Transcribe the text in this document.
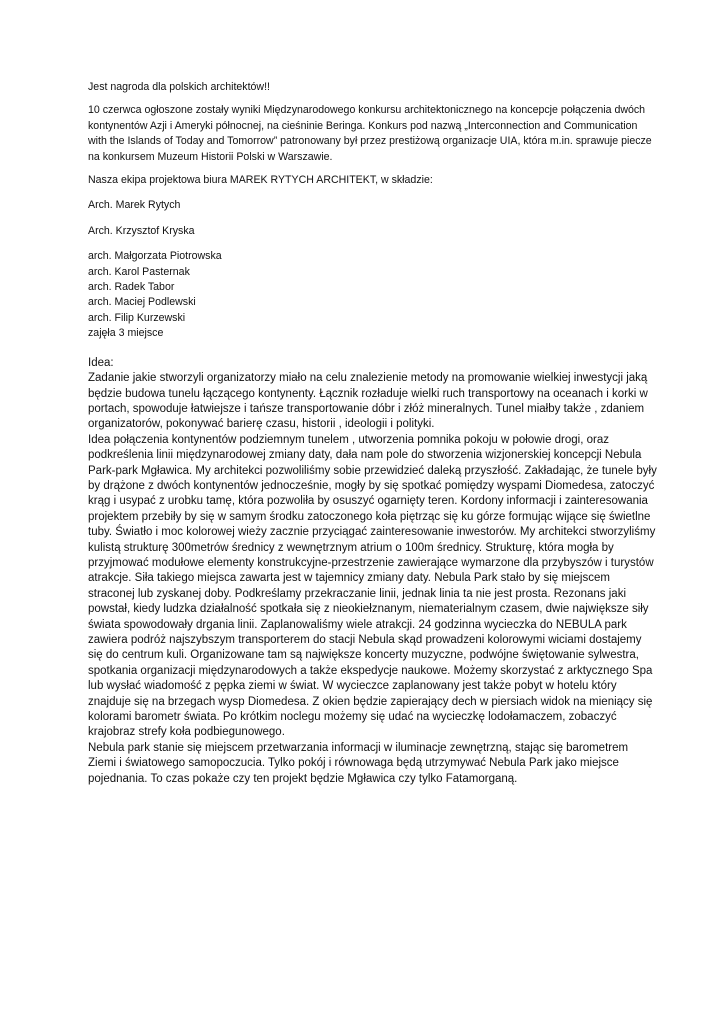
Jest nagroda dla polskich architektów!!

10 czerwca ogłoszone zostały wyniki Międzynarodowego konkursu architektonicznego na koncepcje połączenia dwóch kontynentów Azji i Ameryki północnej, na cieśninie Beringa. Konkurs pod nazwą „Interconnection and Communication with the Islands of Today and Tomorrow” patronowany był przez prestiżową organizacje UIA, która m.in. sprawuje piecze na konkursem Muzeum Historii Polski w Warszawie.

Nasza ekipa projektowa biura MAREK RYTYCH ARCHITEKT, w składzie:

Arch. Marek Rytych

Arch. Krzysztof Kryska

arch. Małgorzata Piotrowska
arch. Karol Pasternak
arch. Radek Tabor
arch. Maciej Podlewski
arch. Filip Kurzewski
zajęła 3 miejsce

Idea:

Zadanie jakie stworzyli organizatorzy miało na celu znalezienie metody na promowanie wielkiej inwestycji jaką będzie budowa tunelu łączącego kontynenty. Łącznik rozładuje wielki ruch transportowy na oceanach i korki w portach, spowoduje łatwiejsze i tańsze transportowanie dóbr i złóż mineralnych. Tunel miałby także , zdaniem organizatorów, pokonywać barierę czasu, historii , ideologii i polityki.

Idea połączenia kontynentów podziemnym tunelem , utworzenia pomnika pokoju w połowie drogi, oraz podkreślenia linii międzynarodowej zmiany daty, dała nam pole do stworzenia wizjonerskiej koncepcji Nebula Park-park Mgławica. My architekci pozwoliliśmy sobie przewidzieć daleką przyszłość. Zakładając, że tunele były by drążone z dwóch kontynentów jednocześnie, mogły by się spotkać pomiędzy wyspami Diomedesa, zatoczyć krąg i usypać z urobku tamę, która pozwoliła by osuszyć ogarnięty teren. Kordony informacji i zainteresowania projektem przebiły by się w samym środku zatoczonego koła piętrząc się ku górze formując wijące się świetlne tuby. Światło i moc kolorowej wieży zacznie przyciągać zainteresowanie inwestorów. My architekci stworzyliśmy kulistą strukturę 300metrów średnicy z wewnętrznym atrium o 100m średnicy. Strukturę, która mogła by przyjmować modułowe elementy konstrukcyjne-przestrzenie zawierające wymarzone dla przybyszów i turystów atrakcje. Siła takiego miejsca zawarta jest w tajemnicy zmiany daty. Nebula Park stało by się miejscem straconej lub zyskanej doby. Podkreślamy przekraczanie linii, jednak linia ta nie jest prosta. Rezonans jaki powstał, kiedy ludzka działalność spotkała się z nieokiełznanym, niematerialnym czasem, dwie największe siły świata spowodowały drgania linii. Zaplanowaliśmy wiele atrakcji. 24 godzinna wycieczka do NEBULA park zawiera podróż najszybszym transporterem do stacji Nebula skąd prowadzeni kolorowymi wiciami dostajemy się do centrum kuli. Organizowane tam są największe koncerty muzyczne, podwójne świętowanie sylwestra, spotkania organizacji międzynarodowych a także ekspedycje naukowe. Możemy skorzystać z arktycznego Spa lub wysłać wiadomość z pępka ziemi w świat. W wycieczce zaplanowany jest także pobyt w hotelu który znajduje się na brzegach wysp Diomedesa. Z okien będzie zapierający dech w piersiach widok na mieniący się kolorami barometr świata. Po krótkim noclegu możemy się udać na wycieczkę lodołamaczem, zobaczyć krajobraz strefy koła podbiegunowego.

Nebula park stanie się miejscem przetwarzania informacji w iluminacje zewnętrzną, stając się barometrem Ziemi i światowego samopoczucia. Tylko pokój i równowaga będą utrzymywać Nebula Park jako miejsce pojednania. To czas pokaże czy ten projekt będzie Mgławica czy tylko Fatamorganą.
